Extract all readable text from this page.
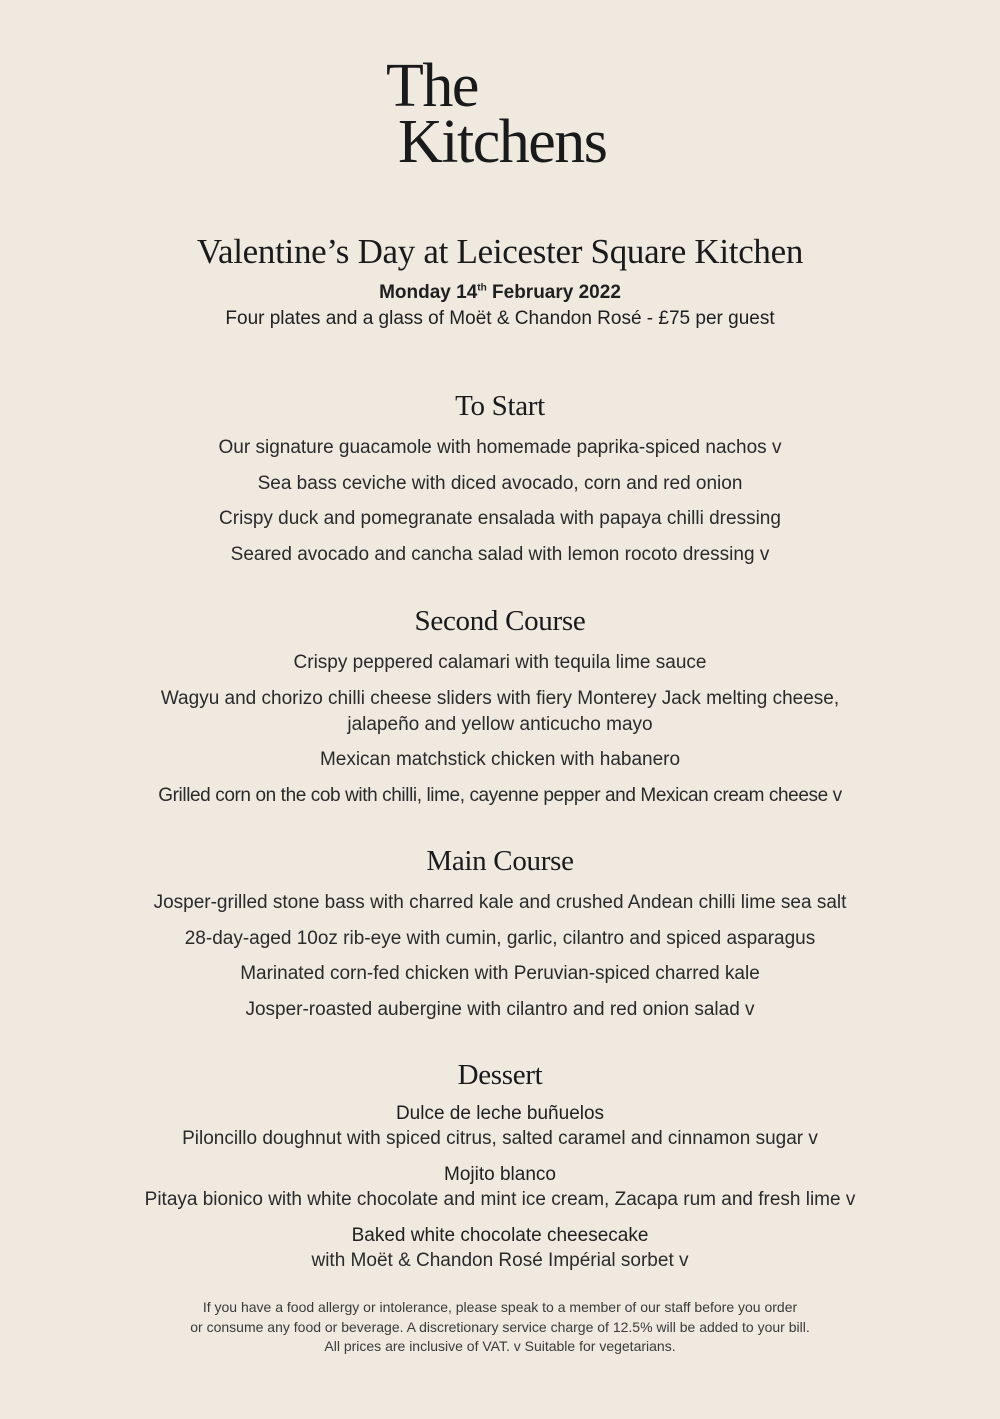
The
Kitchens
Valentine’s Day at Leicester Square Kitchen
Monday 14th February 2022
Four plates and a glass of Moët & Chandon Rosé - £75 per guest
To Start
Our signature guacamole with homemade paprika-spiced nachos v
Sea bass ceviche with diced avocado, corn and red onion
Crispy duck and pomegranate ensalada with papaya chilli dressing
Seared avocado and cancha salad with lemon rocoto dressing v
Second Course
Crispy peppered calamari with tequila lime sauce
Wagyu and chorizo chilli cheese sliders with fiery Monterey Jack melting cheese,
jalapeño and yellow anticucho mayo
Mexican matchstick chicken with habanero
Grilled corn on the cob with chilli, lime, cayenne pepper and Mexican cream cheese v
Main Course
Josper-grilled stone bass with charred kale and crushed Andean chilli lime sea salt
28-day-aged 10oz rib-eye with cumin, garlic, cilantro and spiced asparagus
Marinated corn-fed chicken with Peruvian-spiced charred kale
Josper-roasted aubergine with cilantro and red onion salad v
Dessert
Dulce de leche buñuelos
Piloncillo doughnut with spiced citrus, salted caramel and cinnamon sugar v
Mojito blanco
Pitaya bionico with white chocolate and mint ice cream, Zacapa rum and fresh lime v
Baked white chocolate cheesecake
with Moët & Chandon Rosé Impérial sorbet v
If you have a food allergy or intolerance, please speak to a member of our staff before you order
or consume any food or beverage. A discretionary service charge of 12.5% will be added to your bill.
All prices are inclusive of VAT. v Suitable for vegetarians.
